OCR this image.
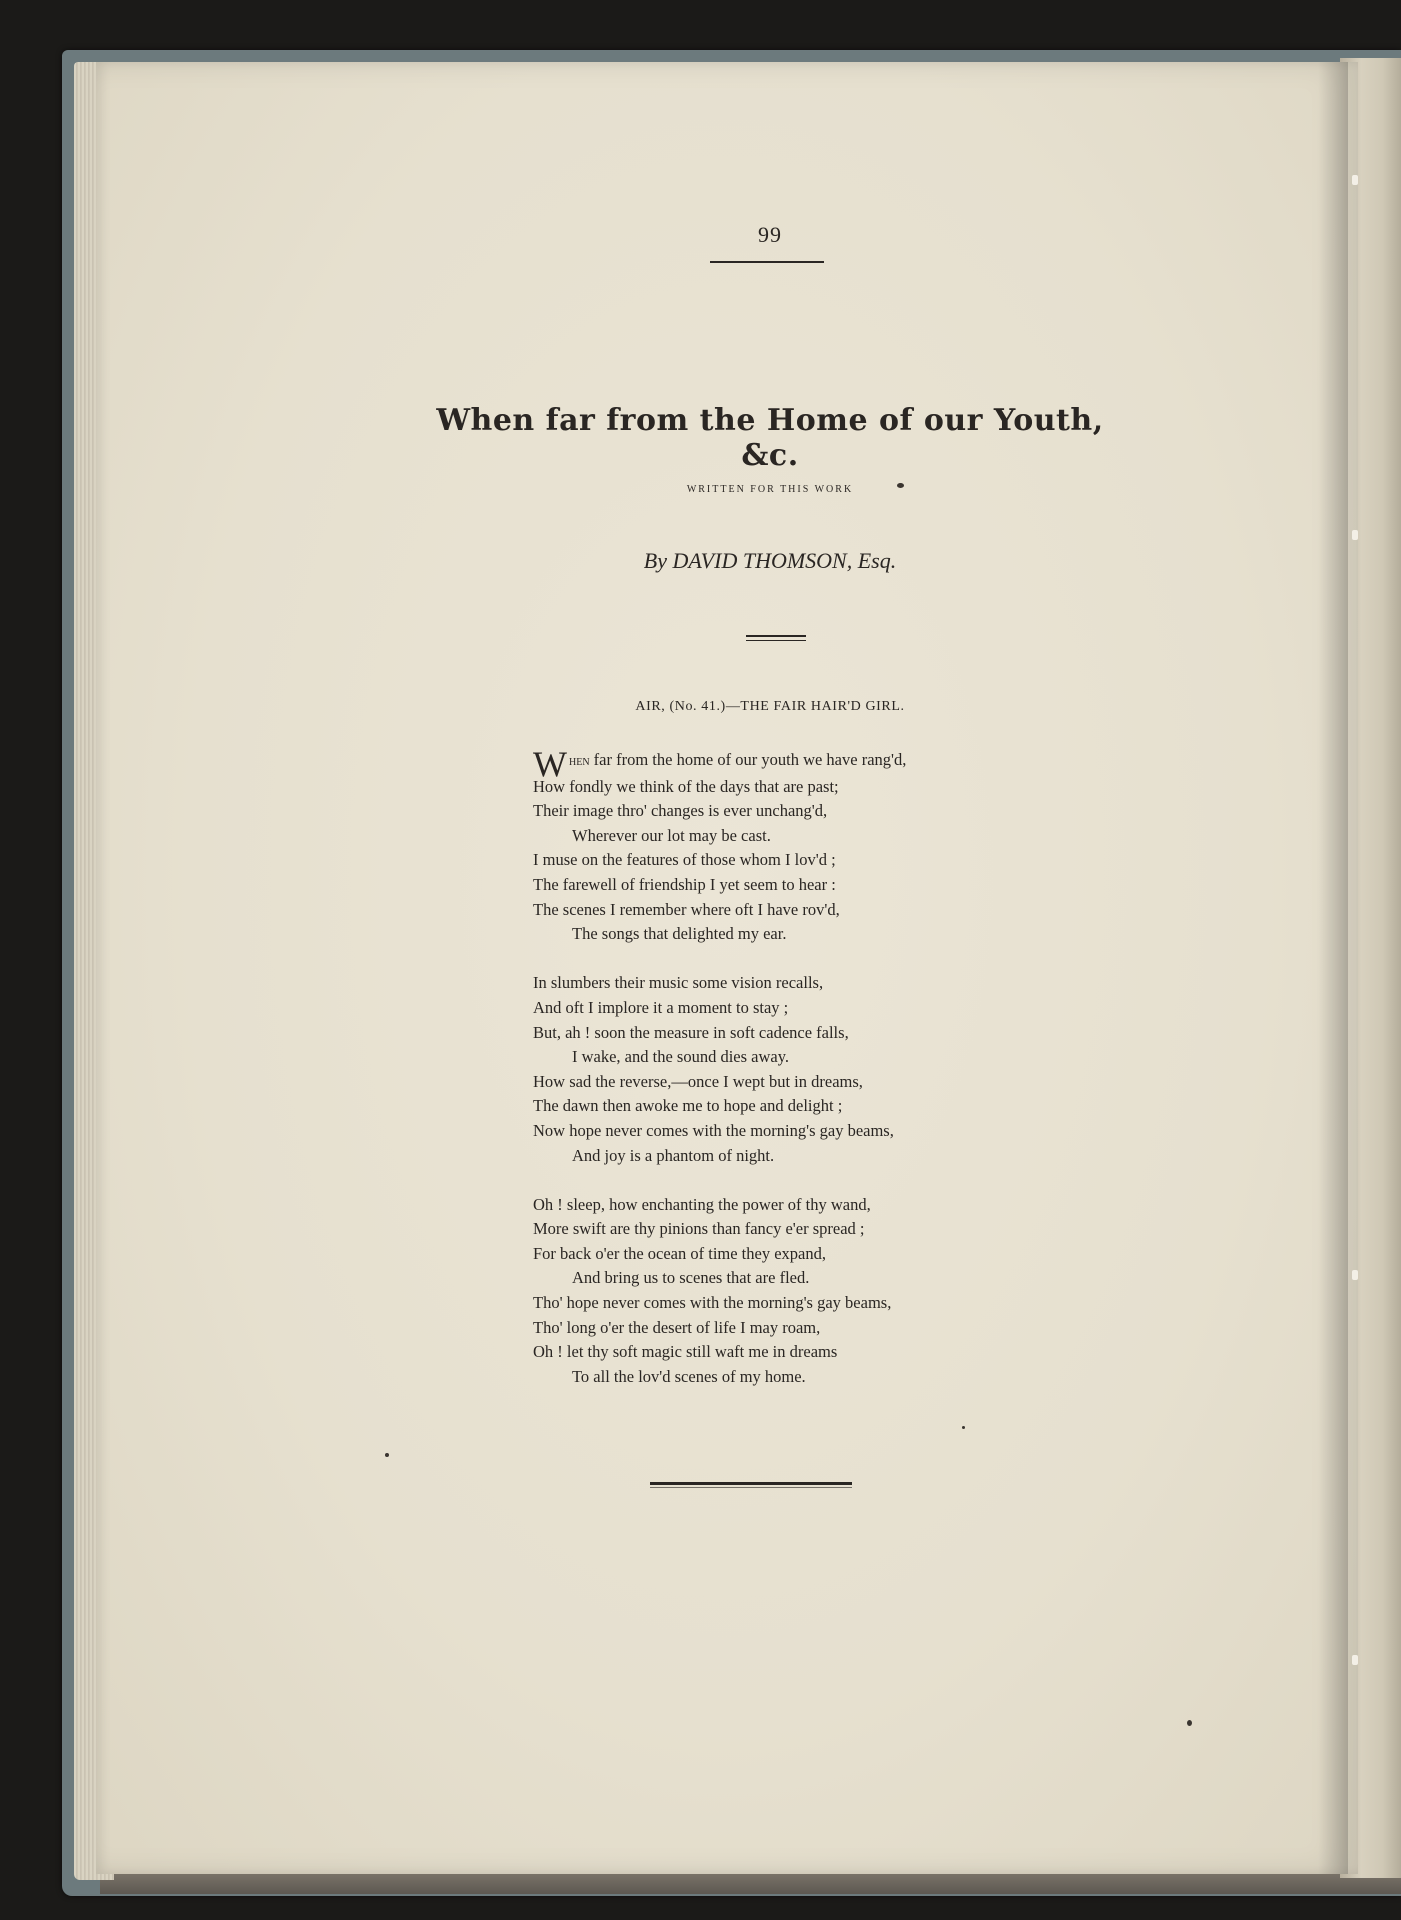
99
When far from the Home of our Youth, &c.
WRITTEN FOR THIS WORK
By DAVID THOMSON, Esq.
AIR, (No. 41.)—THE FAIR HAIR'D GIRL.
When far from the home of our youth we have rang'd,
How fondly we think of the days that are past;
Their image thro' changes is ever unchang'd,
Wherever our lot may be cast.
I muse on the features of those whom I lov'd ;
The farewell of friendship I yet seem to hear :
The scenes I remember where oft I have rov'd,
The songs that delighted my ear.
In slumbers their music some vision recalls,
And oft I implore it a moment to stay ;
But, ah ! soon the measure in soft cadence falls,
I wake, and the sound dies away.
How sad the reverse,—once I wept but in dreams,
The dawn then awoke me to hope and delight ;
Now hope never comes with the morning's gay beams,
And joy is a phantom of night.
Oh ! sleep, how enchanting the power of thy wand,
More swift are thy pinions than fancy e'er spread ;
For back o'er the ocean of time they expand,
And bring us to scenes that are fled.
Tho' hope never comes with the morning's gay beams,
Tho' long o'er the desert of life I may roam,
Oh ! let thy soft magic still waft me in dreams
To all the lov'd scenes of my home.
